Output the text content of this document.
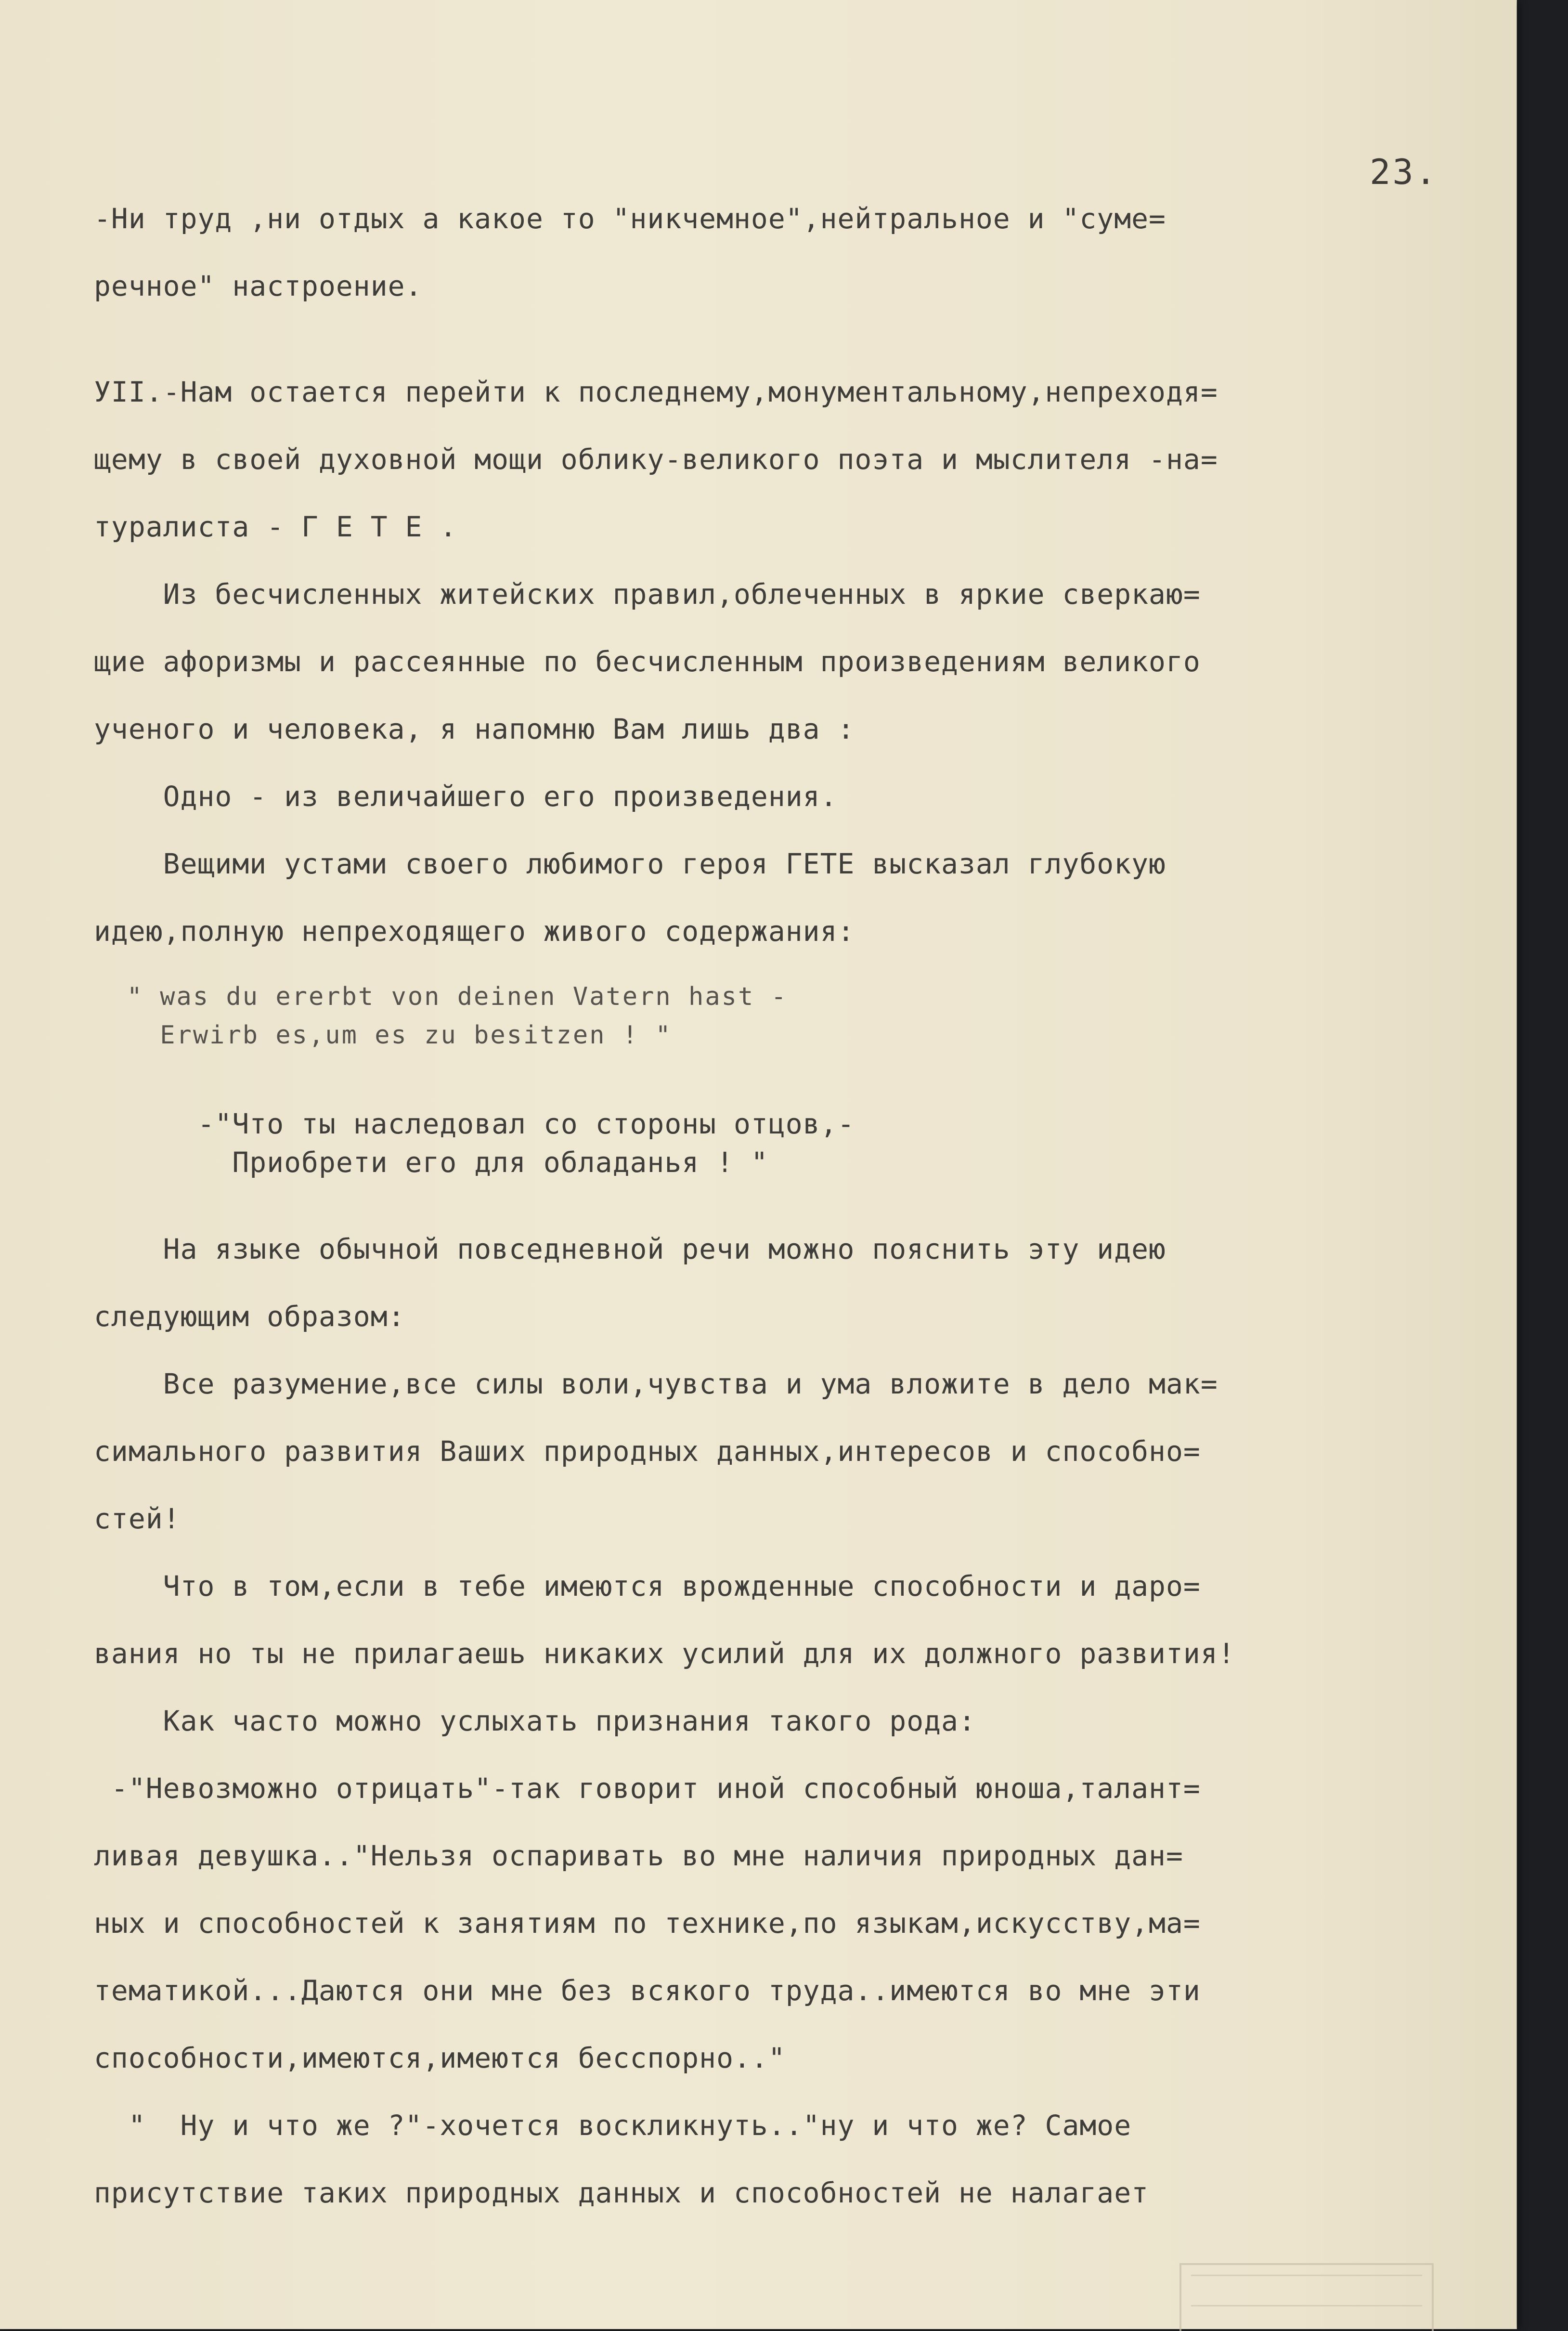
23.

-Ни труд ,ни отдых а какое то "никчемное",нейтральное и "суме=

речное" настроение.

УII.-Нам остается перейти к последнему,монументальному,непреходя=

щему в своей духовной мощи облику-великого поэта и мыслителя -на=

туралиста - Г Е Т Е .

Из бесчисленных житейских правил,облеченных в яркие сверкаю=

щие афоризмы и рассеянные по бесчисленным произведениям великого

ученого и человека, я напомню Вам лишь два :

Одно - из величайшего его произведения.

Вещими устами своего любимого героя ГЕТЕ высказал глубокую

идею,полную непреходящего живого содержания:

" was du ererbt von deinen Vatern hast -

Erwirb es,um es zu besitzen ! "

-"Что ты наследовал со стороны отцов,-

Приобрети его для обладанья ! "

На языке обычной повседневной речи можно пояснить эту идею

следующим образом:

Все разумение,все силы воли,чувства и ума вложите в дело мак=

симального развития Ваших природных данных,интересов и способно=

стей!

Что в том,если в тебе имеются врожденные способности и даро=

вания но ты не прилагаешь никаких усилий для их должного развития!

Как часто можно услыхать признания такого рода:

-"Невозможно отрицать"-так говорит иной способный юноша,талант=

ливая девушка.."Нельзя оспаривать во мне наличия природных дан=

ных и способностей к занятиям по технике,по языкам,искусству,ма=

тематикой...Даются они мне без всякого труда..имеются во мне эти

способности,имеются,имеются бесспорно.."

"  Ну и что же ?"-хочется воскликнуть.."ну и что же? Самое

присутствие таких природных данных и способностей не налагает
